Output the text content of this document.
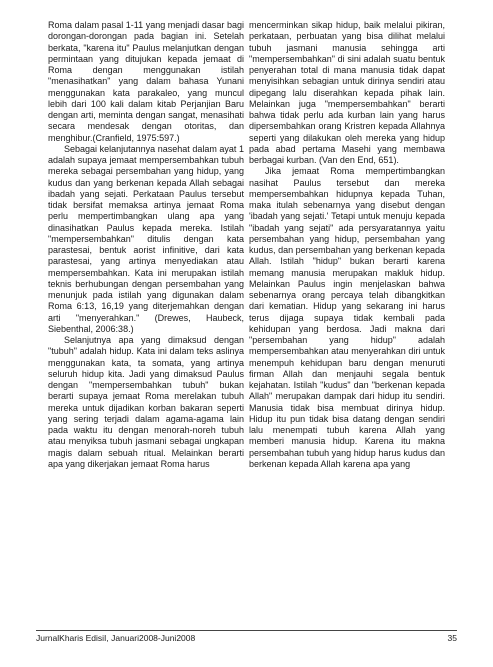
Roma dalam pasal 1-11 yang menjadi dasar bagi dorongan-dorongan pada bagian ini. Setelah berkata, "karena itu" Paulus melanjutkan dengan permintaan yang ditujukan kepada jemaat di Roma dengan menggunakan istilah "menasihatkan" yang dalam bahasa Yunani menggunakan kata parakaleo, yang muncul lebih dari 100 kali dalam kitab Perjanjian Baru dengan arti, meminta dengan sangat, menasihati secara mendesak dengan otoritas, dan menghibur.(Cranfield, 1975:597.)

Sebagai kelanjutannya nasehat dalam ayat 1 adalah supaya jemaat mempersembahkan tubuh mereka sebagai persembahan yang hidup, yang kudus dan yang berkenan kepada Allah sebagai ibadah yang sejati. Perkataan Paulus tersebut tidak bersifat memaksa artinya jemaat Roma perlu mempertimbangkan ulang apa yang dinasihatkan Paulus kepada mereka. Istilah "mempersembahkan" ditulis dengan kata parastesai, bentuk aorist infinitive, dari kata parastesai, yang artinya menyediakan atau mempersembahkan. Kata ini merupakan istilah teknis berhubungan dengan persembahan yang menunjuk pada istilah yang digunakan dalam Roma 6:13, 16,19 yang diterjemahkan dengan arti "menyerahkan." (Drewes, Haubeck, Siebenthal, 2006:38.)

Selanjutnya apa yang dimaksud dengan "tubuh" adalah hidup. Kata ini dalam teks aslinya menggunakan kata, ta somata, yang artinya seluruh hidup kita. Jadi yang dimaksud Paulus dengan "mempersembahkan tubuh" bukan berarti supaya jemaat Roma merelakan tubuh mereka untuk dijadikan korban bakaran seperti yang sering terjadi dalam agama-agama lain pada waktu itu dengan menorah-noreh tubuh atau menyiksa tubuh jasmani sebagai ungkapan magis dalam sebuah ritual. Melainkan berarti apa yang dikerjakan jemaat Roma harus

mencerminkan sikap hidup, baik melalui pikiran, perkataan, perbuatan yang bisa dilihat melalui tubuh jasmani manusia sehingga arti "mempersembahkan" di sini adalah suatu bentuk penyerahan total di mana manusia tidak dapat menyisihkan sebagian untuk dirinya sendiri atau dipegang lalu diserahkan kepada pihak lain. Melainkan juga "mempersembahkan" berarti bahwa tidak perlu ada kurban lain yang harus dipersembahkan orang Kristren kepada Allahnya seperti yang dilakukan oleh mereka yang hidup pada abad pertama Masehi yang membawa berbagai kurban. (Van den End, 651).

Jika jemaat Roma mempertimbangkan nasihat Paulus tersebut dan mereka mempersembahkan hidupnya kepada Tuhan, maka itulah sebenarnya yang disebut dengan 'ibadah yang sejati.' Tetapi untuk menuju kepada "ibadah yang sejati" ada persyaratannya yaitu persembahan yang hidup, persembahan yang kudus, dan persembahan yang berkenan kepada Allah. Istilah "hidup" bukan berarti karena memang manusia merupakan makluk hidup. Melainkan Paulus ingin menjelaskan bahwa sebenarnya orang percaya telah dibangkitkan dari kematian. Hidup yang sekarang ini harus terus dijaga supaya tidak kembali pada kehidupan yang berdosa. Jadi makna dari "persembahan yang hidup" adalah mempersembahkan atau menyerahkan diri untuk menempuh kehidupan baru dengan menuruti firman Allah dan menjauhi segala bentuk kejahatan. Istilah "kudus" dan "berkenan kepada Allah" merupakan dampak dari hidup itu sendiri. Manusia tidak bisa membuat dirinya hidup. Hidup itu pun tidak bisa datang dengan sendiri lalu menempati tubuh karena Allah yang memberi manusia hidup. Karena itu makna persembahan tubuh yang hidup harus kudus dan berkenan kepada Allah karena apa yang

JurnalKharis EdisiI, Januari2008-Juni2008	35
